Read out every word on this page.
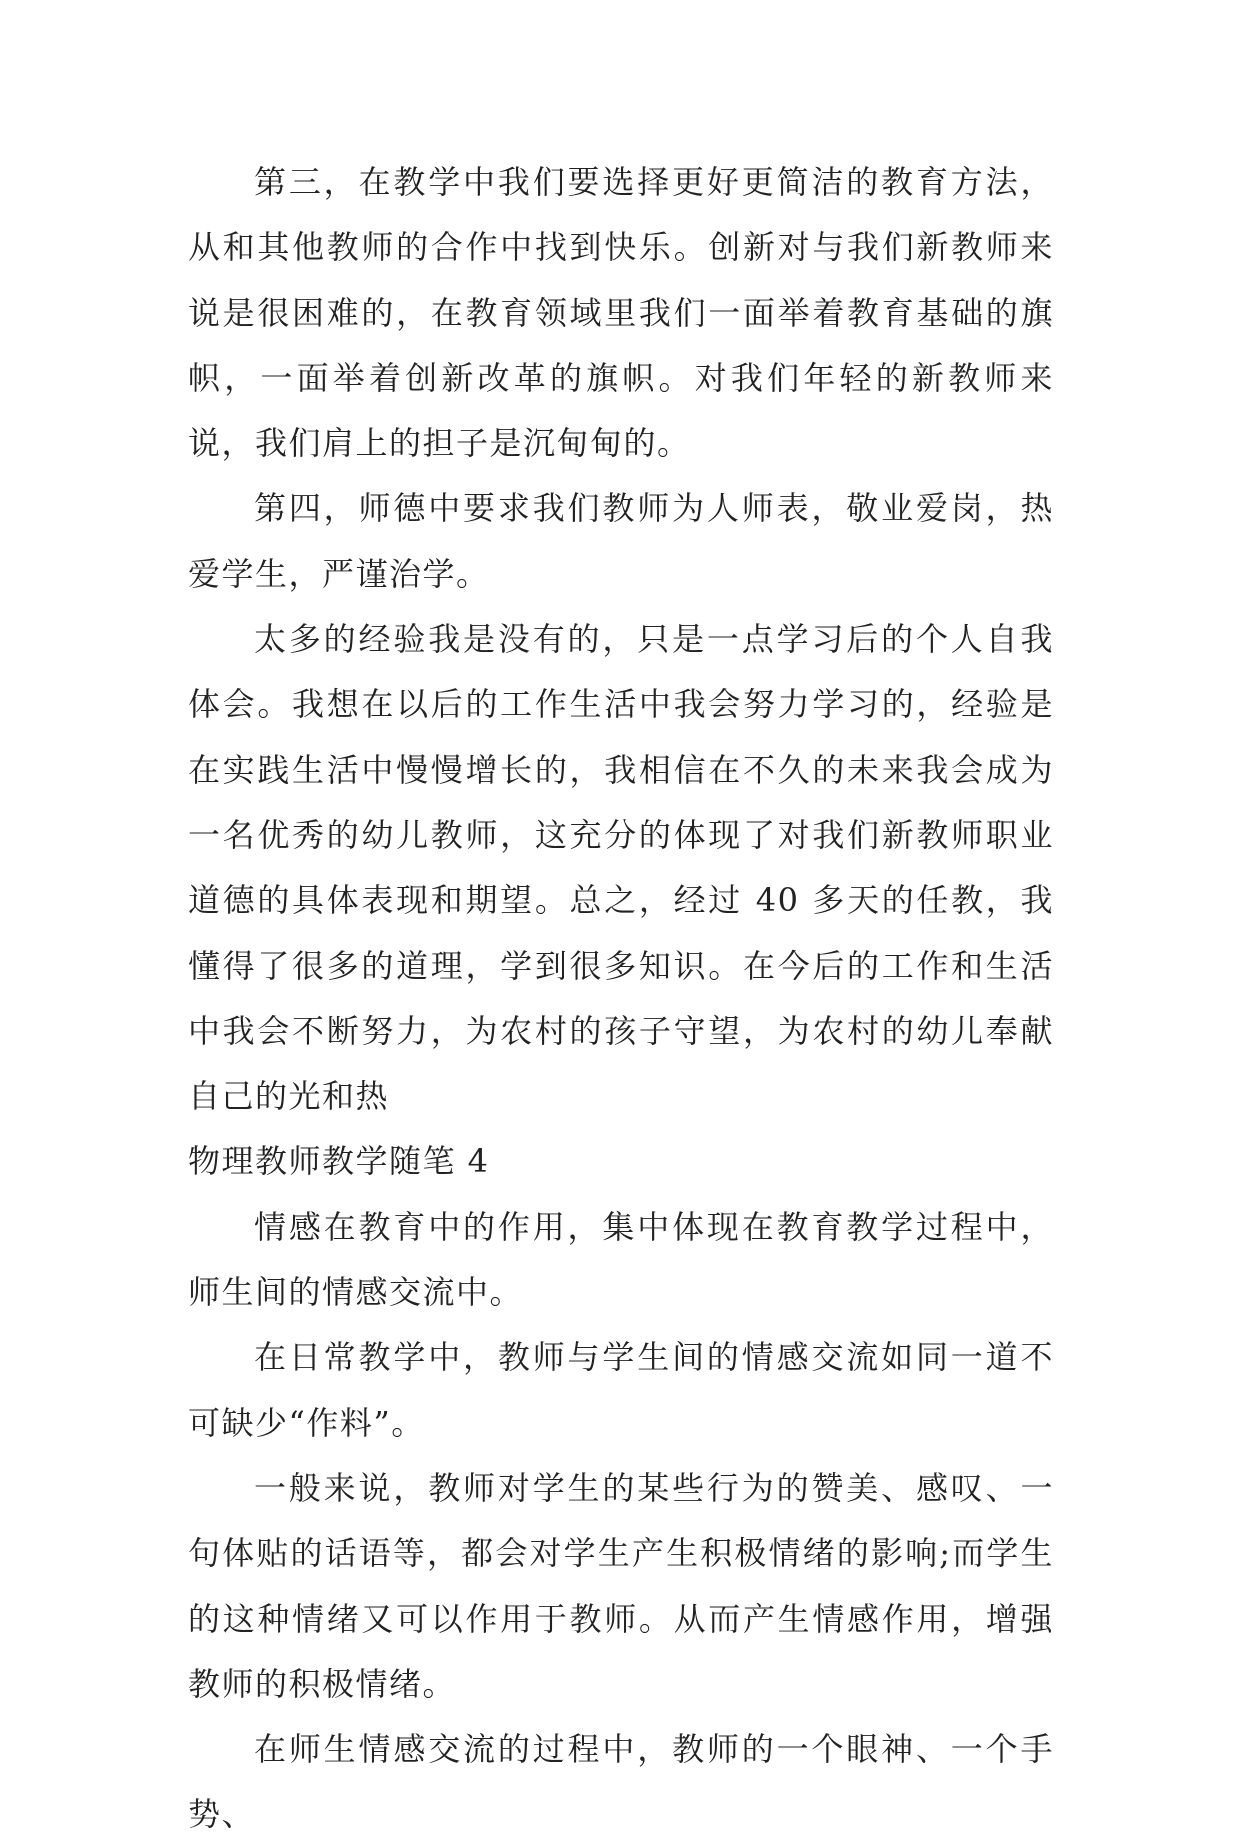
第三，在教学中我们要选择更好更简洁的教育方法，从和其他教师的合作中找到快乐。创新对与我们新教师来说是很困难的，在教育领域里我们一面举着教育基础的旗帜，一面举着创新改革的旗帜。对我们年轻的新教师来说，我们肩上的担子是沉甸甸的。

第四，师德中要求我们教师为人师表，敬业爱岗，热爱学生，严谨治学。

太多的经验我是没有的，只是一点学习后的个人自我体会。我想在以后的工作生活中我会努力学习的，经验是在实践生活中慢慢增长的，我相信在不久的未来我会成为一名优秀的幼儿教师，这充分的体现了对我们新教师职业道德的具体表现和期望。总之，经过 40 多天的任教，我懂得了很多的道理，学到很多知识。在今后的工作和生活中我会不断努力，为农村的孩子守望，为农村的幼儿奉献自己的光和热

物理教师教学随笔 4

情感在教育中的作用，集中体现在教育教学过程中，师生间的情感交流中。

在日常教学中，教师与学生间的情感交流如同一道不可缺少“作料”。

一般来说，教师对学生的某些行为的赞美、感叹、一句体贴的话语等，都会对学生产生积极情绪的影响;而学生的这种情绪又可以作用于教师。从而产生情感作用，增强教师的积极情绪。

在师生情感交流的过程中，教师的一个眼神、一个手势、
